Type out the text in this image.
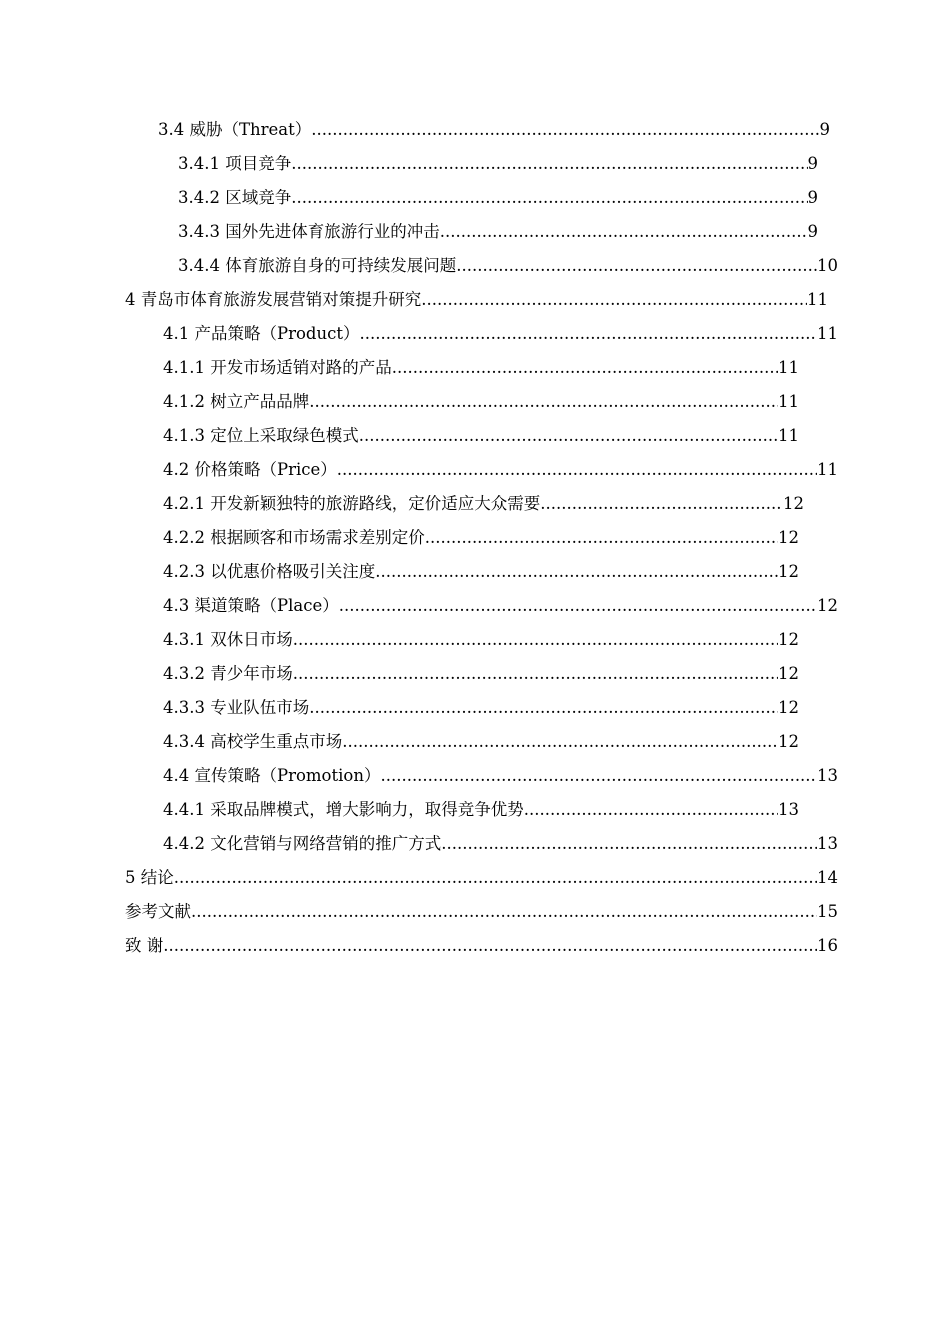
3.4 威胁（Threat） .....	9
3.4.1 项目竞争 .....	9
3.4.2 区域竞争 .....	9
3.4.3 国外先进体育旅游行业的冲击 .....	9
3.4.4 体育旅游自身的可持续发展问题 .....	10
4 青岛市体育旅游发展营销对策提升研究 .....	11
4.1 产品策略（Product） .....	11
4.1.1 开发市场适销对路的产品 .....	11
4.1.2 树立产品品牌 .....	11
4.1.3 定位上采取绿色模式 .....	11
4.2 价格策略（Price） .....	11
4.2.1 开发新颖独特的旅游路线，定价适应大众需要 .....	12
4.2.2 根据顾客和市场需求差别定价 .....	12
4.2.3 以优惠价格吸引关注度 .....	12
4.3 渠道策略（Place） .....	12
4.3.1 双休日市场 .....	12
4.3.2 青少年市场 .....	12
4.3.3 专业队伍市场 .....	12
4.3.4 高校学生重点市场 .....	12
4.4 宣传策略（Promotion） .....	13
4.4.1 采取品牌模式，增大影响力，取得竞争优势 .....	13
4.4.2 文化营销与网络营销的推广方式 .....	13
5 结论 .....	14
参考文献 .....	15
致 谢 .....	16
